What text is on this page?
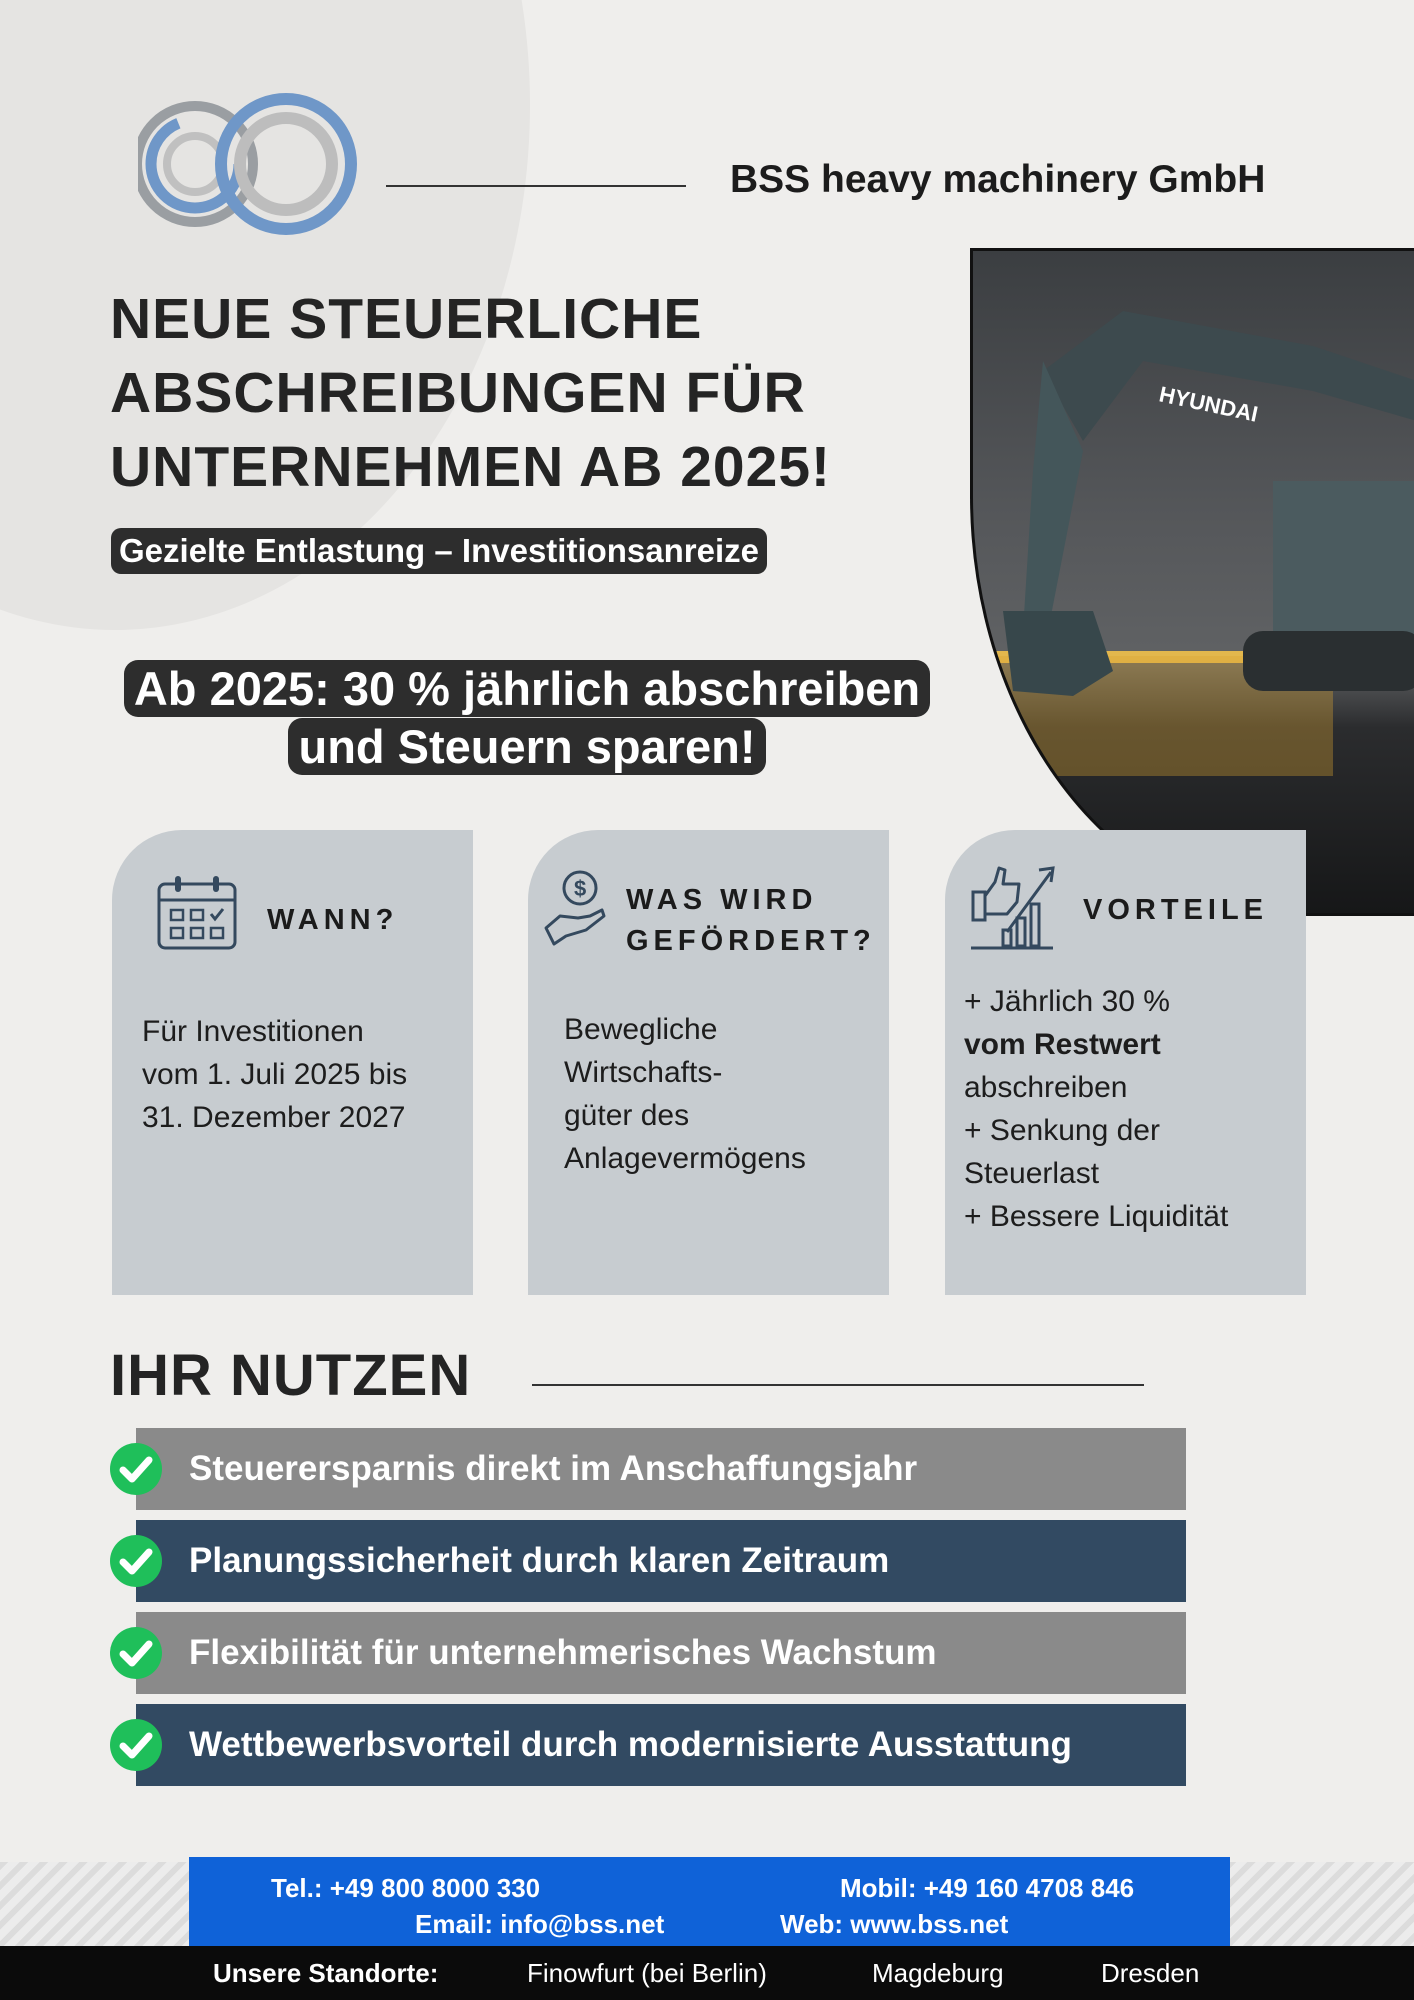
BSS heavy machinery GmbH
HYUNDAI
NEUE STEUERLICHE
ABSCHREIBUNGEN FÜR
UNTERNEHMEN AB 2025!
Gezielte Entlastung – Investitionsanreize
Ab 2025: 30 % jährlich abschreiben
und Steuern sparen!
WANN?
Für Investitionen
vom 1. Juli 2025 bis
31. Dezember 2027
$ WAS WIRD
GEFÖRDERT?
Bewegliche
Wirtschafts-
güter des
Anlagevermögens
VORTEILE
+ Jährlich 30 %
vom Restwert
abschreiben
+ Senkung der
Steuerlast
+ Bessere Liquidität
IHR NUTZEN
Steuerersparnis direkt im Anschaffungsjahr
Planungssicherheit durch klaren Zeitraum
Flexibilität für unternehmerisches Wachstum
Wettbewerbsvorteil durch modernisierte Ausstattung
Tel.: +49 800 8000 330	Mobil: +49 160 4708 846
Email: info@bss.net	Web: www.bss.net
Unsere Standorte:	Finowfurt (bei Berlin)	Magdeburg	Dresden
